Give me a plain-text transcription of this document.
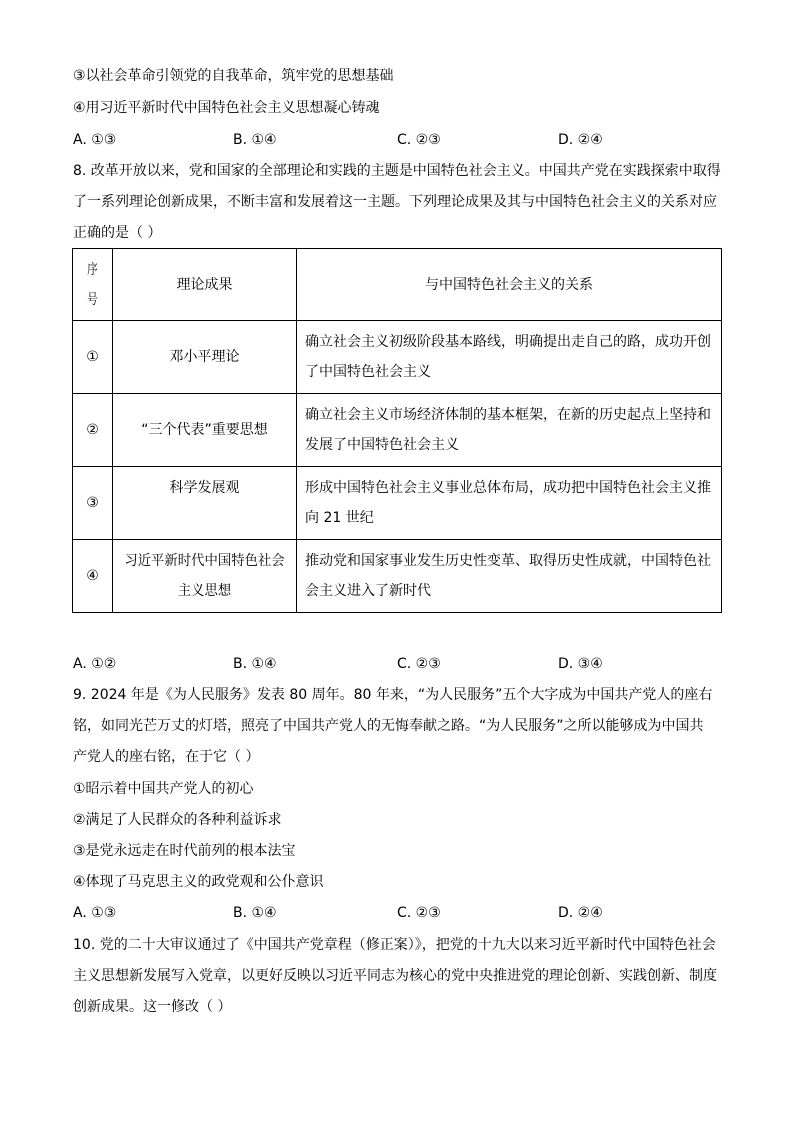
③以社会革命引领党的自我革命，筑牢党的思想基础
④用习近平新时代中国特色社会主义思想凝心铸魂
A. ①③	B. ①④	C. ②③	D. ②④
8. 改革开放以来，党和国家的全部理论和实践的主题是中国特色社会主义。中国共产党在实践探索中取得
了一系列理论创新成果，不断丰富和发展着这一主题。下列理论成果及其与中国特色社会主义的关系对应
正确的是（ ）
序
号	理论成果	与中国特色社会主义的关系
①	邓小平理论	确立社会主义初级阶段基本路线，明确提出走自己的路，成功开创
了中国特色社会主义

②	“三个代表”重要思想	确立社会主义市场经济体制的基本框架，在新的历史起点上坚持和
发展了中国特色社会主义

③	科学发展观	形成中国特色社会主义事业总体布局，成功把中国特色社会主义推
向 21 世纪

④	习近平新时代中国特色社会
主义思想	推动党和国家事业发生历史性变革、取得历史性成就，中国特色社
会主义进入了新时代
A. ①②	B. ①④	C. ②③	D. ③④
9. 2024 年是《为人民服务》发表 80 周年。80 年来，“为人民服务”五个大字成为中国共产党人的座右
铭，如同光芒万丈的灯塔，照亮了中国共产党人的无悔奉献之路。“为人民服务”之所以能够成为中国共
产党人的座右铭，在于它（ ）
①昭示着中国共产党人的初心
②满足了人民群众的各种利益诉求
③是党永远走在时代前列的根本法宝
④体现了马克思主义的政党观和公仆意识
A. ①③	B. ①④	C. ②③	D. ②④
10. 党的二十大审议通过了《中国共产党章程（修正案）》，把党的十九大以来习近平新时代中国特色社会
主义思想新发展写入党章，以更好反映以习近平同志为核心的党中央推进党的理论创新、实践创新、制度
创新成果。这一修改（ ）
